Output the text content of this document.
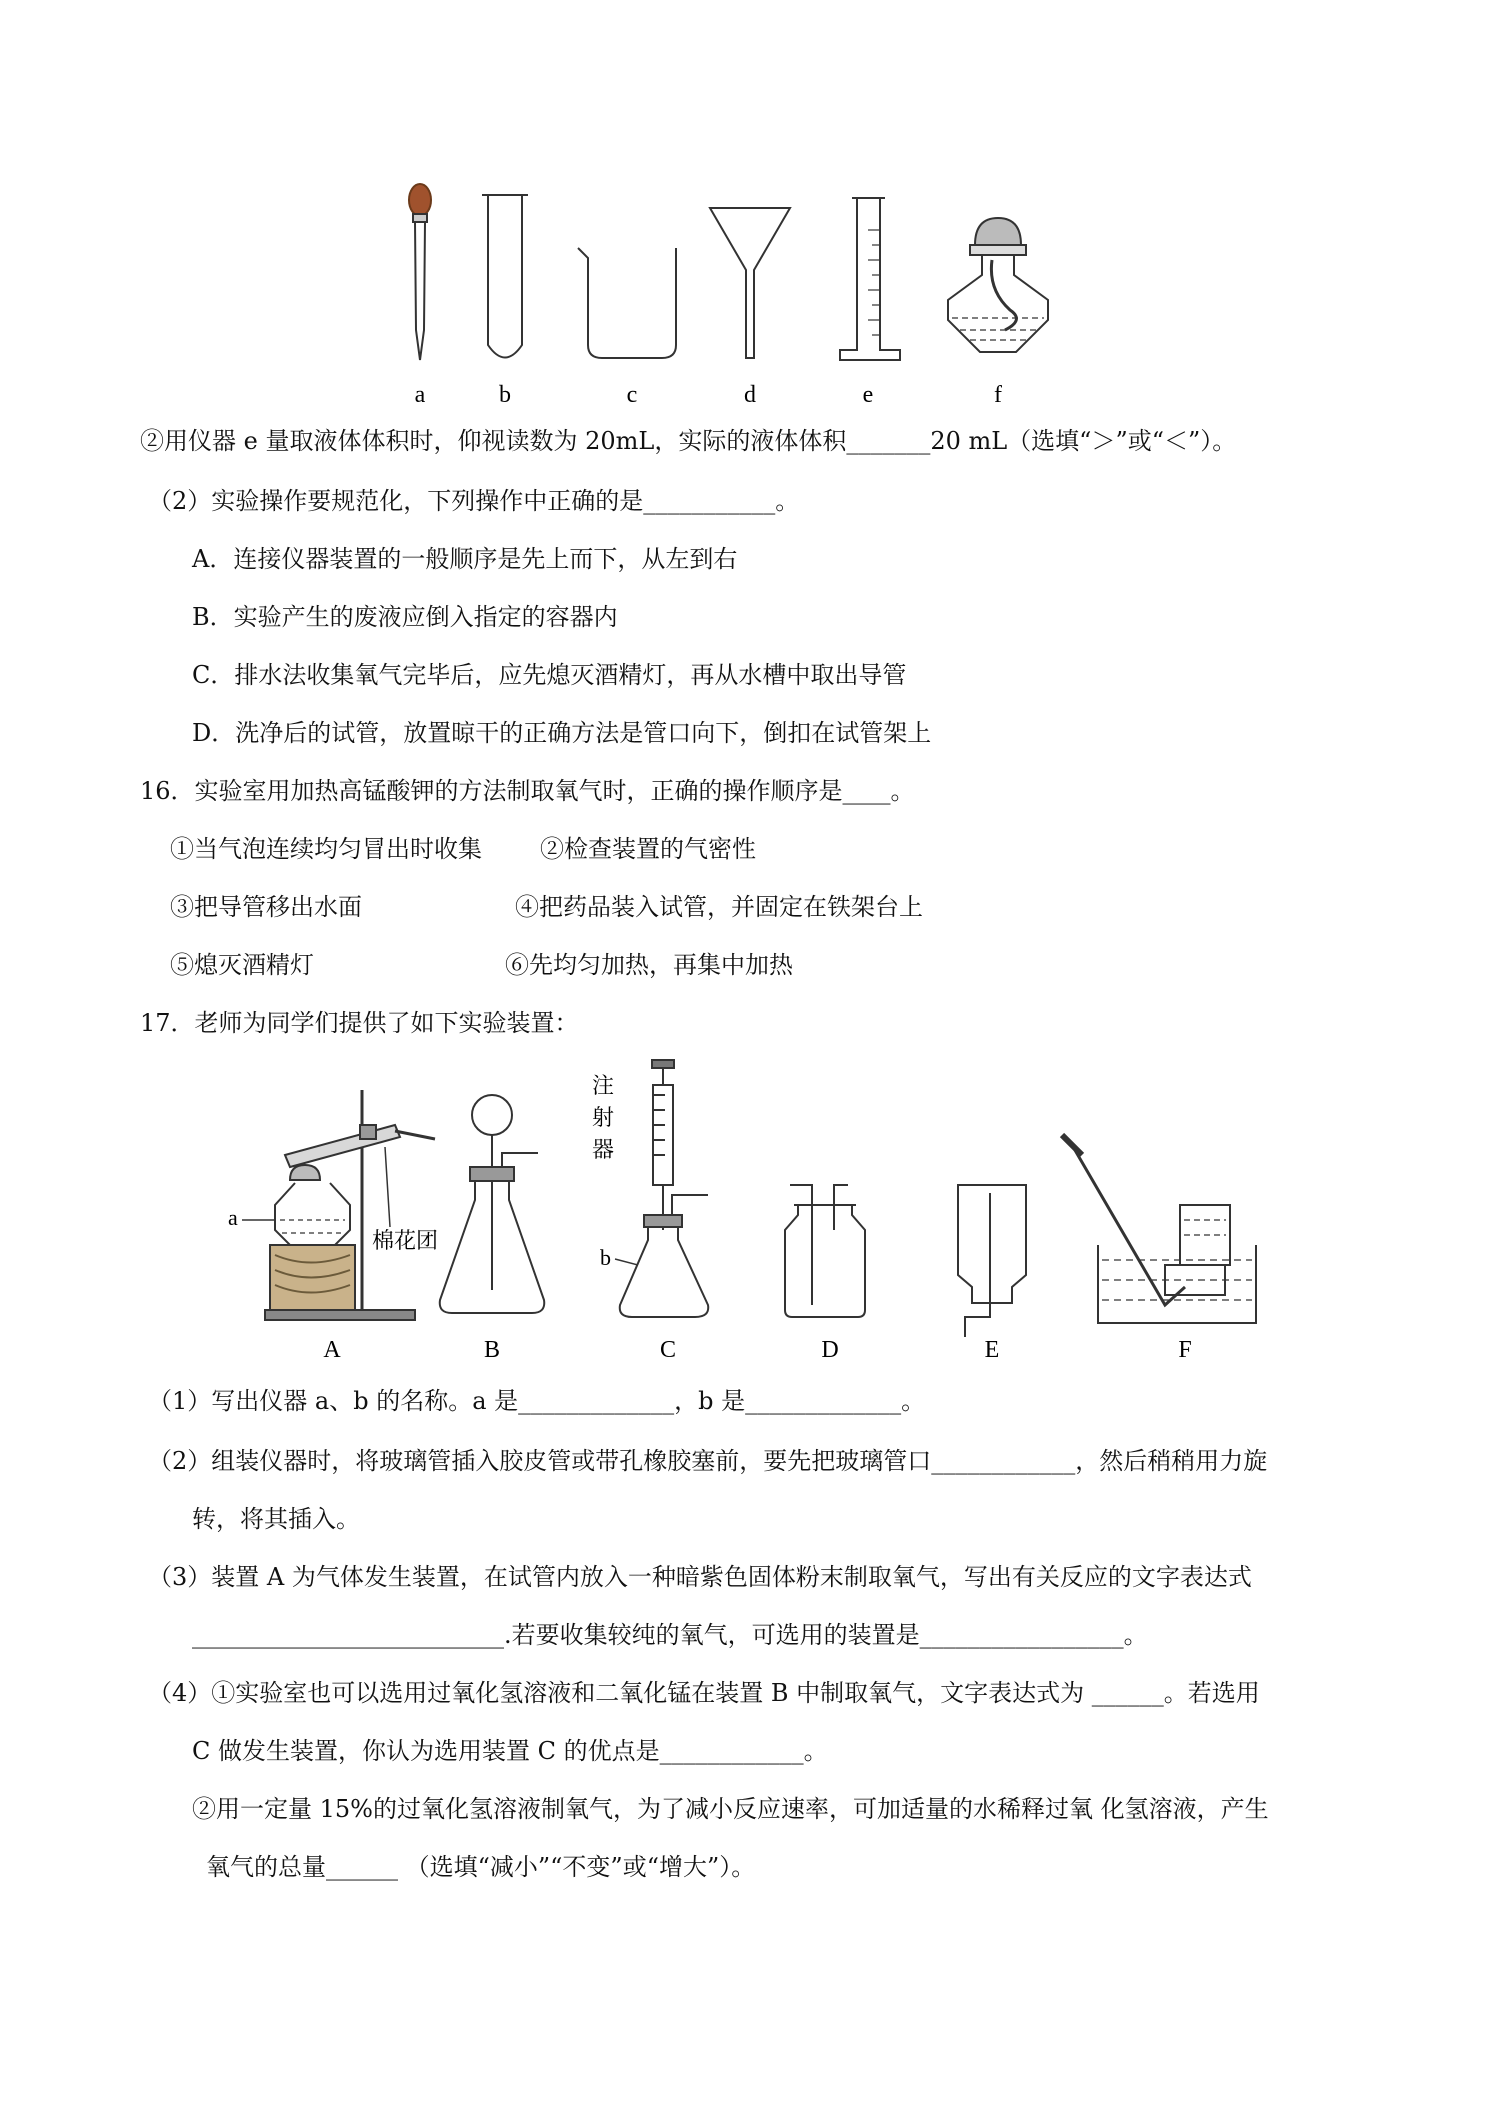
a	b	c	d	e	f
②用仪器 e 量取液体体积时，仰视读数为 20mL，实际的液体体积_______20 mL（选填“＞”或“＜”）。
（2）实验操作要规范化，下列操作中正确的是___________。
A．连接仪器装置的一般顺序是先上而下，从左到右
B．实验产生的废液应倒入指定的容器内
C．排水法收集氧气完毕后，应先熄灭酒精灯，再从水槽中取出导管
D．洗净后的试管，放置晾干的正确方法是管口向下，倒扣在试管架上
16．实验室用加热高锰酸钾的方法制取氧气时，正确的操作顺序是____。
①当气泡连续均匀冒出时收集 ②检查装置的气密性
③把导管移出水面	④把药品装入试管，并固定在铁架台上
⑤熄灭酒精灯	⑥先均匀加热，再集中加热
17．老师为同学们提供了如下实验装置：
a
棉花团
注
射
器
b
A	B	C	D	E	F
（1）写出仪器 a、b 的名称。a 是_____________，b 是_____________。
（2）组装仪器时，将玻璃管插入胶皮管或带孔橡胶塞前，要先把玻璃管口____________，然后稍稍用力旋
转，将其插入。
（3）装置 A 为气体发生装置，在试管内放入一种暗紫色固体粉末制取氧气，写出有关反应的文字表达式
__________________________.若要收集较纯的氧气，可选用的装置是_________________。
（4）①实验室也可以选用过氧化氢溶液和二氧化锰在装置 B 中制取氧气，文字表达式为 ______。若选用
C 做发生装置，你认为选用装置 C 的优点是____________。
②用一定量 15%的过氧化氢溶液制氧气，为了减小反应速率，可加适量的水稀释过氧 化氢溶液，产生
氧气的总量______ （选填“减小”“不变”或“增大”）。
